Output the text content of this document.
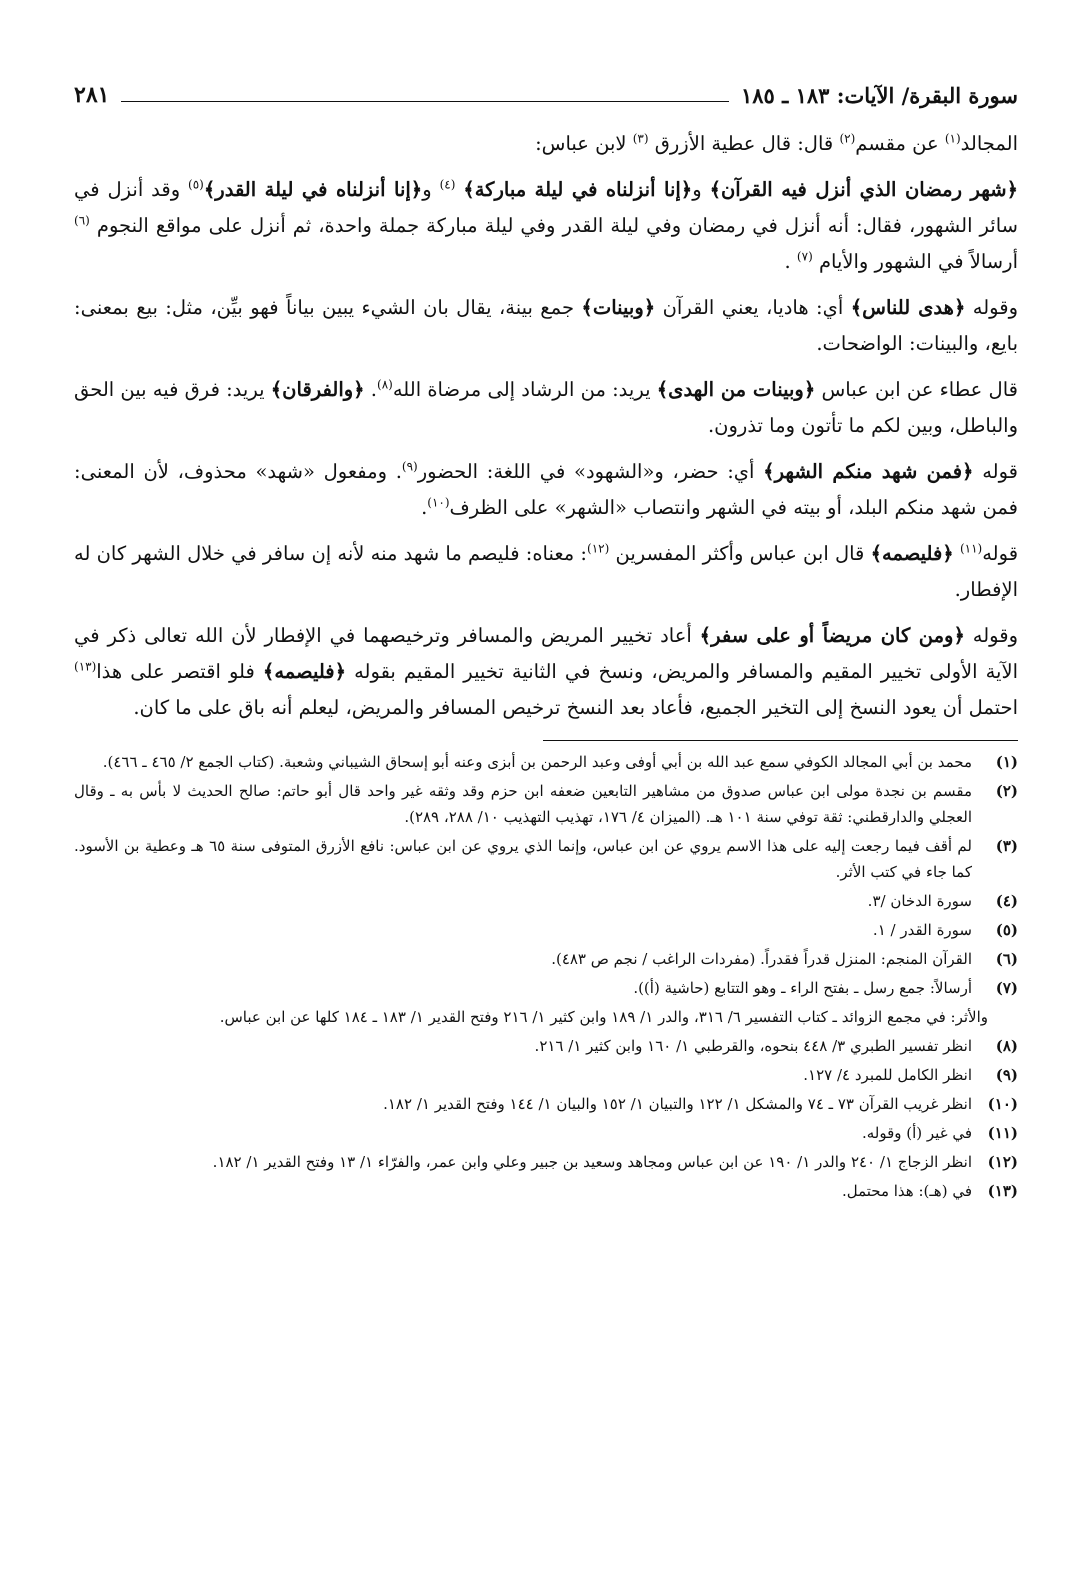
سورة البقرة/ الآيات: ١٨٣ ـ ١٨٥
٢٨١

المجالد$^{(١)}$ عن مقسم$^{(٢)}$ قال: قال عطية الأزرق $^{(٣)}$ لابن عباس:

﴿شهر رمضان الذي أنزل فيه القرآن﴾ و﴿إنا أنزلناه في ليلة مباركة﴾ $^{(٤)}$ و﴿إنا أنزلناه في ليلة القدر﴾$^{(٥)}$ وقد أنزل في سائر الشهور، فقال: أنه أنزل في رمضان وفي ليلة القدر وفي ليلة مباركة جملة واحدة، ثم أنزل على مواقع النجوم $^{(٦)}$ أرسالاً في الشهور والأيام $^{(٧)}$ .

وقوله ﴿هدى للناس﴾ أي: هاديا، يعني القرآن ﴿وبينات﴾ جمع بينة، يقال بان الشيء يبين بياناً فهو بيِّن، مثل: بيع بمعنى: بايع، والبينات: الواضحات.

قال عطاء عن ابن عباس ﴿وبينات من الهدى﴾ يريد: من الرشاد إلى مرضاة الله$^{(٨)}$. ﴿والفرقان﴾ يريد: فرق فيه بين الحق والباطل، وبين لكم ما تأتون وما تذرون.

قوله ﴿فمن شهد منكم الشهر﴾ أي: حضر، و«الشهود» في اللغة: الحضور$^{(٩)}$. ومفعول «شهد» محذوف، لأن المعنى: فمن شهد منكم البلد، أو بيته في الشهر وانتصاب «الشهر» على الظرف$^{(١٠)}$.

قوله$^{(١١)}$ ﴿فليصمه﴾ قال ابن عباس وأكثر المفسرين $^{(١٢)}$: معناه: فليصم ما شهد منه لأنه إن سافر في خلال الشهر كان له الإفطار.

وقوله ﴿ومن كان مريضاً أو على سفر﴾ أعاد تخيير المريض والمسافر وترخيصهما في الإفطار لأن الله تعالى ذكر في الآية الأولى تخيير المقيم والمسافر والمريض، ونسخ في الثانية تخيير المقيم بقوله ﴿فليصمه﴾ فلو اقتصر على هذا$^{(١٣)}$ احتمل أن يعود النسخ إلى التخير الجميع، فأعاد بعد النسخ ترخيص المسافر والمريض، ليعلم أنه باق على ما كان.

(١)
محمد بن أبي المجالد الكوفي سمع عبد الله بن أبي أوفى وعبد الرحمن بن أبزى وعنه أبو إسحاق الشيباني وشعبة. (كتاب الجمع ٢/ ٤٦٥ ـ ٤٦٦).
(٢)
مقسم بن نجدة مولى ابن عباس صدوق من مشاهير التابعين ضعفه ابن حزم وقد وثقه غير واحد قال أبو حاتم: صالح الحديث لا بأس به ـ وقال العجلي والدارقطني: ثقة توفي سنة ١٠١ هـ. (الميزان ٤/ ١٧٦، تهذيب التهذيب ١٠/ ٢٨٨، ٢٨٩).
(٣)
لم أقف فيما رجعت إليه على هذا الاسم يروي عن ابن عباس، وإنما الذي يروي عن ابن عباس: نافع الأزرق المتوفى سنة ٦٥ هـ وعطية بن الأسود. كما جاء في كتب الأثر.
(٤)
سورة الدخان /٣.
(٥)
سورة القدر / ١.
(٦)
القرآن المنجم: المنزل قدراً فقدراً. (مفردات الراغب / نجم ص ٤٨٣).
(٧)
أرسالاً: جمع رسل ـ بفتح الراء ـ وهو التتابع (حاشية (أ)).
والأثر: في مجمع الزوائد ـ كتاب التفسير ٦/ ٣١٦، والدر ١/ ١٨٩ وابن كثير ١/ ٢١٦ وفتح القدير ١/ ١٨٣ ـ ١٨٤ كلها عن ابن عباس.
(٨)
انظر تفسير الطبري ٣/ ٤٤٨ بنحوه، والقرطبي ١/ ١٦٠ وابن كثير ١/ ٢١٦.
(٩)
انظر الكامل للمبرد ٤/ ١٢٧.
(١٠)
انظر غريب القرآن ٧٣ ـ ٧٤ والمشكل ١/ ١٢٢ والتبيان ١/ ١٥٢ والبيان ١/ ١٤٤ وفتح القدير ١/ ١٨٢.
(١١)
في غير (أ) وقوله.
(١٢)
انظر الزجاج ١/ ٢٤٠ والدر ١/ ١٩٠ عن ابن عباس ومجاهد وسعيد بن جبير وعلي وابن عمر، والفرّاء ١/ ١٣ وفتح القدير ١/ ١٨٢.
(١٣)
في (هـ): هذا محتمل.
